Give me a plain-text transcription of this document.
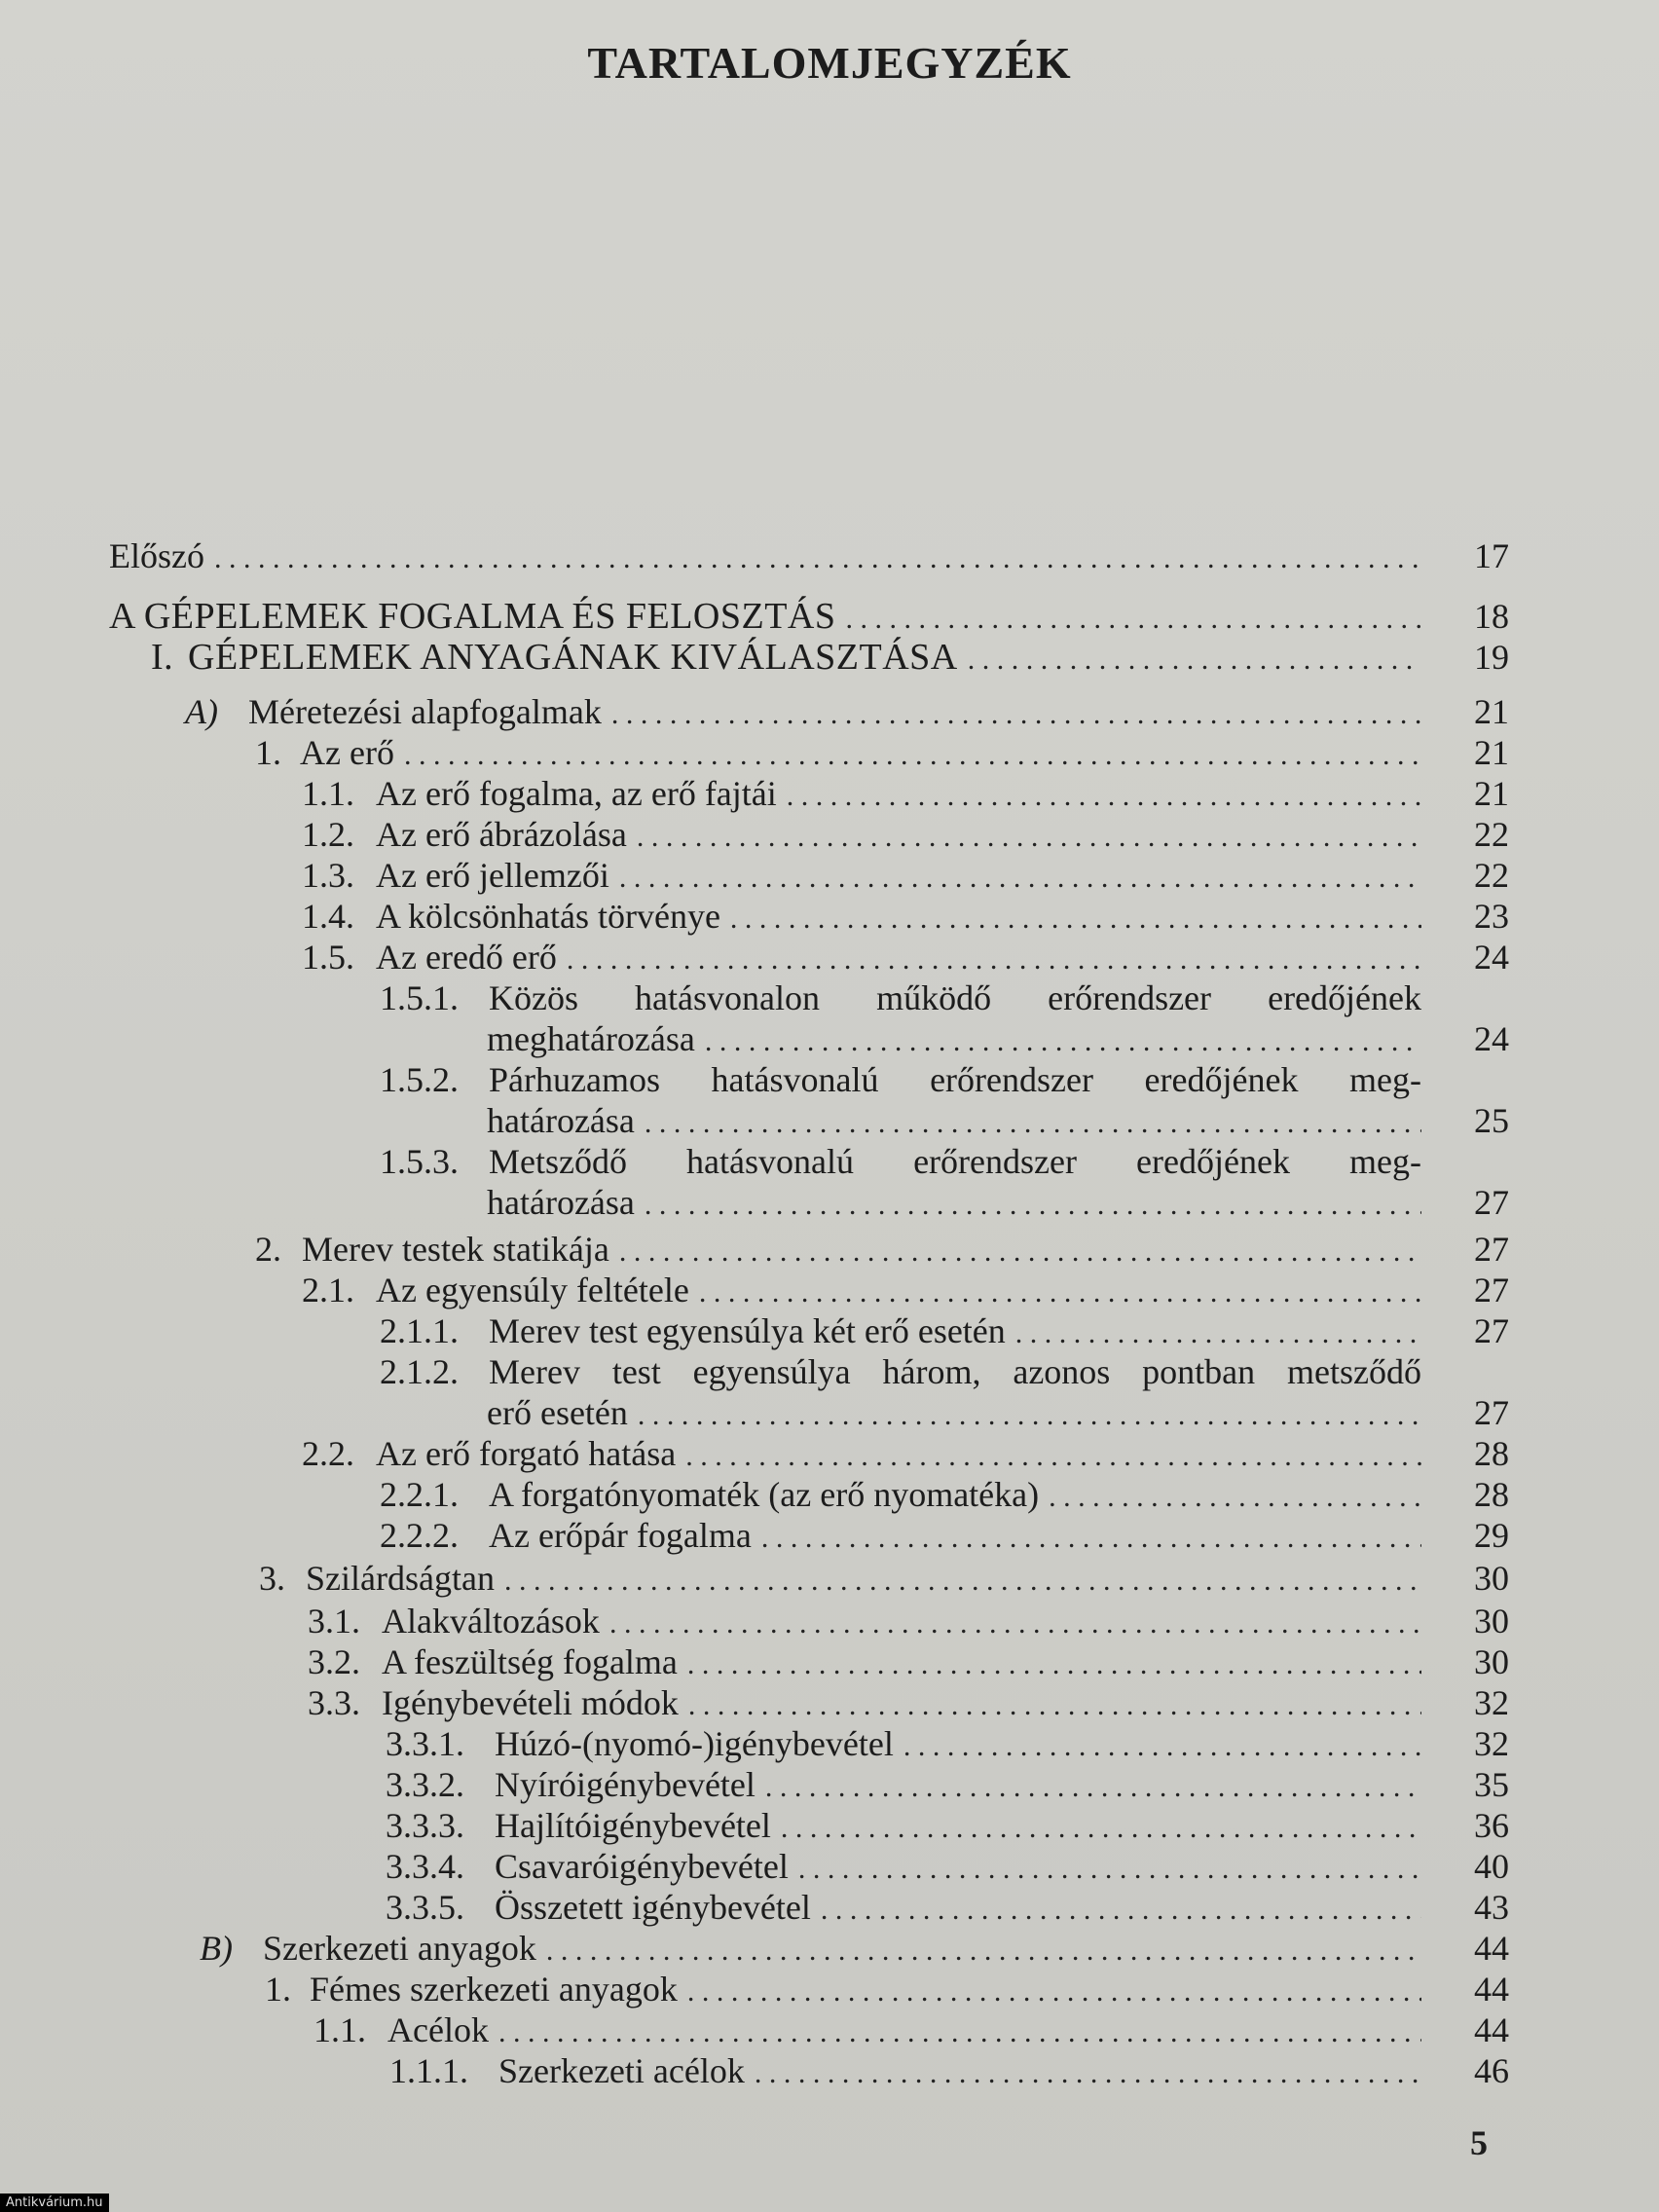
TARTALOMJEGYZÉK
Előszó . . .	17
A GÉPELEMEK FOGALMA ÉS FELOSZTÁS . . .	18
I. GÉPELEMEK ANYAGÁNAK KIVÁLASZTÁSA . . .	19
A) Méretezési alapfogalmak . . .	21
1. Az erő . . .	21
1.1. Az erő fogalma, az erő fajtái . . .	21
1.2. Az erő ábrázolása . . .	22
1.3. Az erő jellemzői . . .	22
1.4. A kölcsönhatás törvénye . . .	23
1.5. Az eredő erő . . .	24
1.5.1. Közös hatásvonalon működő erőrendszer eredőjének
meghatározása . . .	24
1.5.2. Párhuzamos hatásvonalú erőrendszer eredőjének meg-
határozása . . .	25
1.5.3. Metsződő hatásvonalú erőrendszer eredőjének meg-
határozása . . .	27
2. Merev testek statikája . . .	27
2.1. Az egyensúly feltétele . . .	27
2.1.1. Merev test egyensúlya két erő esetén . . .	27
2.1.2. Merev test egyensúlya három, azonos pontban metsződő
erő esetén . . .	27
2.2. Az erő forgató hatása . . .	28
2.2.1. A forgatónyomaték (az erő nyomatéka) . . .	28
2.2.2. Az erőpár fogalma . . .	29
3. Szilárdságtan . . .	30
3.1. Alakváltozások . . .	30
3.2. A feszültség fogalma . . .	30
3.3. Igénybevételi módok . . .	32
3.3.1. Húzó-(nyomó-)igénybevétel . . .	32
3.3.2. Nyíróigénybevétel . . .	35
3.3.3. Hajlítóigénybevétel . . .	36
3.3.4. Csavaróigénybevétel . . .	40
3.3.5. Összetett igénybevétel . . .	43
B) Szerkezeti anyagok . . .	44
1. Fémes szerkezeti anyagok . . .	44
1.1. Acélok . . .	44
1.1.1. Szerkezeti acélok . . .	46
5
Antikvárium.hu
